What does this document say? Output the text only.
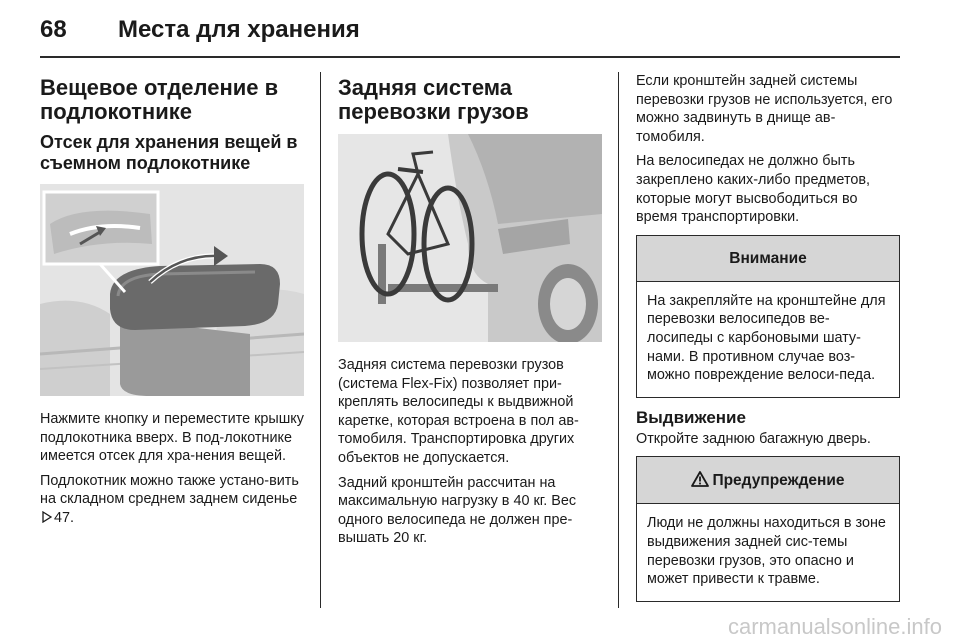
68 Места для хранения
Вещевое отделение в подлокотнике
Отсек для хранения вещей в съемном подлокотнике
Нажмите кнопку и переместите крышку подлокотника вверх. В под-локотнике имеется отсек для хра-нения вещей.
Подлокотник можно также устано-вить на складном среднем заднем сиденье 47.
Задняя система перевозки грузов
Задняя система перевозки грузов (система Flex-Fix) позволяет при-креплять велосипеды к выдвижной каретке, которая встроена в пол ав-томобиля. Транспортировка других объектов не допускается.
Задний кронштейн рассчитан на максимальную нагрузку в 40 кг. Вес одного велосипеда не должен пре-вышать 20 кг.
Если кронштейн задней системы перевозки грузов не используется, его можно задвинуть в днище ав-томобиля.
На велосипедах не должно быть закреплено каких-либо предметов, которые могут высвободиться во время транспортировки.
Внимание
На закрепляйте на кронштейне для перевозки велосипедов ве-лосипеды с карбоновыми шату-нами. В противном случае воз-можно повреждение велоси-педа.
Выдвижение
Откройте заднюю багажную дверь.
Предупреждение
Люди не должны находиться в зоне выдвижения задней сис-темы перевозки грузов, это опасно и может привести к травме.
carmanualsonline.info
